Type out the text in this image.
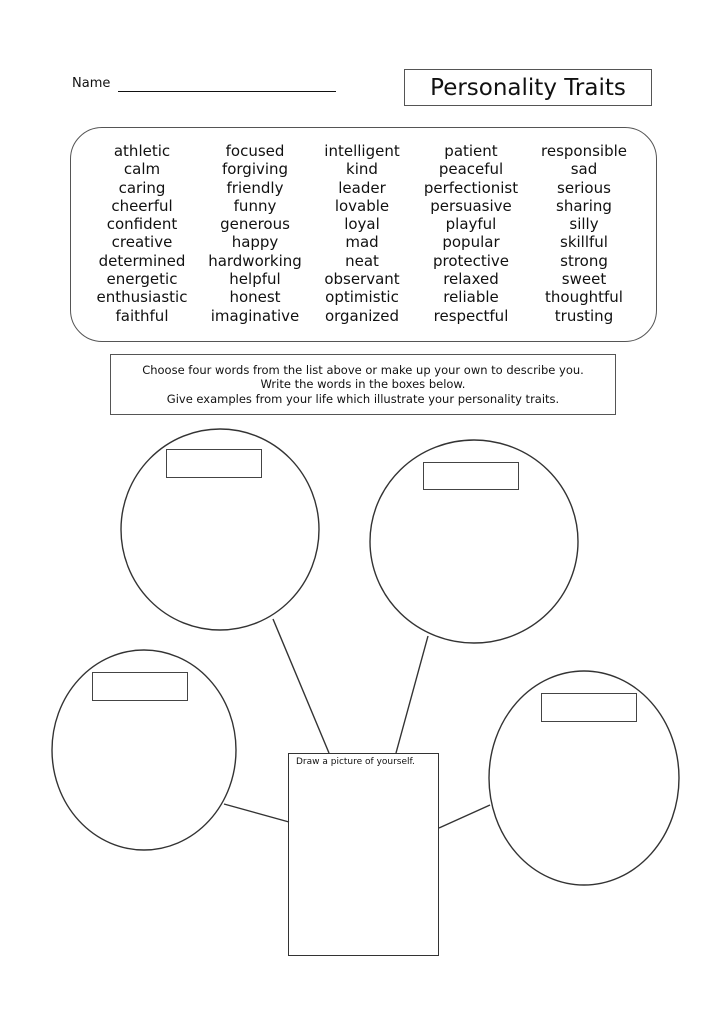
Name	Personality Traits
athletic
calm
caring
cheerful
confident
creative
determined
energetic
enthusiastic
faithful
focused
forgiving
friendly
funny
generous
happy
hardworking
helpful
honest
imaginative
intelligent
kind
leader
lovable
loyal
mad
neat
observant
optimistic
organized
patient
peaceful
perfectionist
persuasive
playful
popular
protective
relaxed
reliable
respectful
responsible
sad
serious
sharing
silly
skillful
strong
sweet
thoughtful
trusting
Choose four words from the list above or make up your own to describe you.
Write the words in the boxes below.
Give examples from your life which illustrate your personality traits.
Draw a picture of yourself.
